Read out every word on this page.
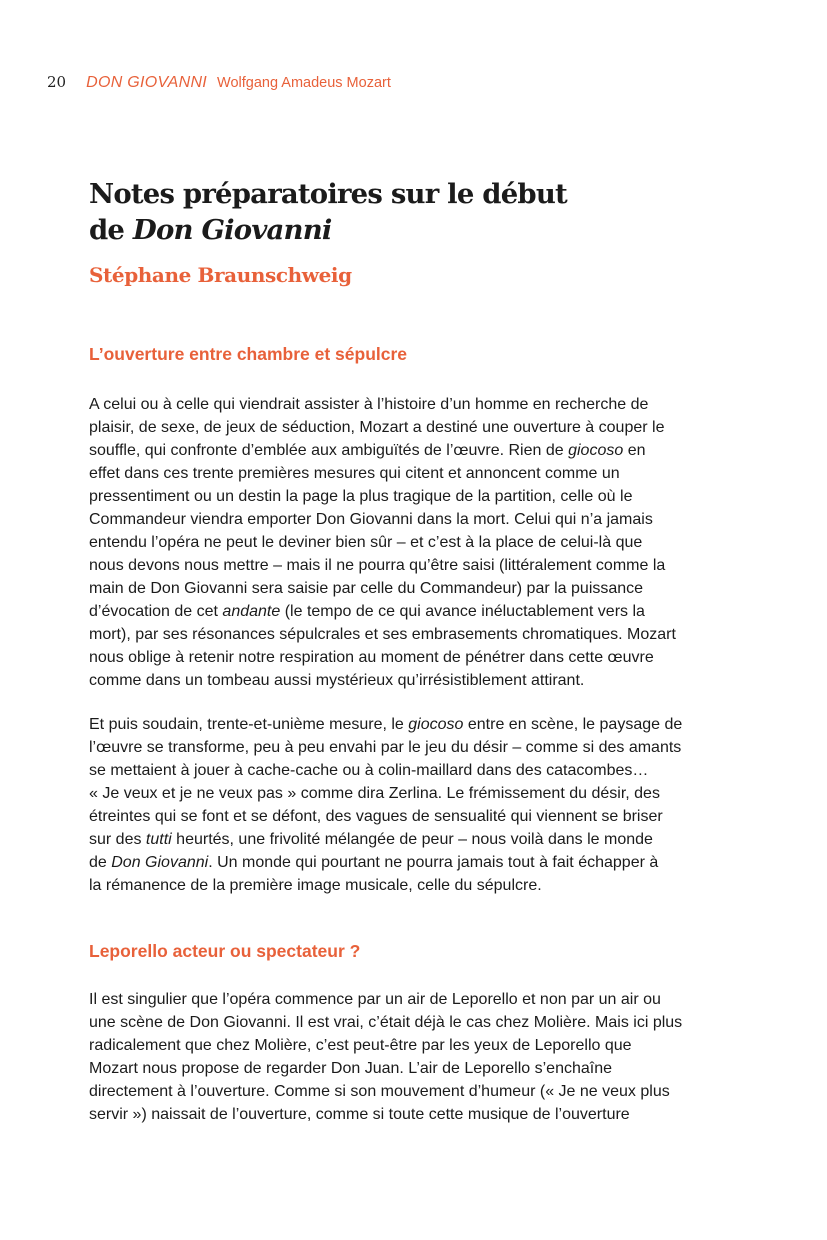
20 DON GIOVANNI Wolfgang Amadeus Mozart
Notes préparatoires sur le début
de Don Giovanni

Stéphane Braunschweig

L’ouverture entre chambre et sépulcre

A celui ou à celle qui viendrait assister à l’histoire d’un homme en recherche de
plaisir, de sexe, de jeux de séduction, Mozart a destiné une ouverture à couper le
souffle, qui confronte d’emblée aux ambiguïtés de l’œuvre. Rien de giocoso en
effet dans ces trente premières mesures qui citent et annoncent comme un
pressentiment ou un destin la page la plus tragique de la partition, celle où le
Commandeur viendra emporter Don Giovanni dans la mort. Celui qui n’a jamais
entendu l’opéra ne peut le deviner bien sûr – et c’est à la place de celui-là que
nous devons nous mettre – mais il ne pourra qu’être saisi (littéralement comme la
main de Don Giovanni sera saisie par celle du Commandeur) par la puissance
d’évocation de cet andante (le tempo de ce qui avance inéluctablement vers la
mort), par ses résonances sépulcrales et ses embrasements chromatiques. Mozart
nous oblige à retenir notre respiration au moment de pénétrer dans cette œuvre
comme dans un tombeau aussi mystérieux qu’irrésistiblement attirant.

Et puis soudain, trente-et-unième mesure, le giocoso entre en scène, le paysage de
l’œuvre se transforme, peu à peu envahi par le jeu du désir – comme si des amants
se mettaient à jouer à cache-cache ou à colin-maillard dans des catacombes…
« Je veux et je ne veux pas » comme dira Zerlina. Le frémissement du désir, des
étreintes qui se font et se défont, des vagues de sensualité qui viennent se briser
sur des tutti heurtés, une frivolité mélangée de peur – nous voilà dans le monde
de Don Giovanni. Un monde qui pourtant ne pourra jamais tout à fait échapper à
la rémanence de la première image musicale, celle du sépulcre.

Leporello acteur ou spectateur ?

Il est singulier que l’opéra commence par un air de Leporello et non par un air ou
une scène de Don Giovanni. Il est vrai, c’était déjà le cas chez Molière. Mais ici plus
radicalement que chez Molière, c’est peut-être par les yeux de Leporello que
Mozart nous propose de regarder Don Juan. L’air de Leporello s’enchaîne
directement à l’ouverture. Comme si son mouvement d’humeur (« Je ne veux plus
servir ») naissait de l’ouverture, comme si toute cette musique de l’ouverture
